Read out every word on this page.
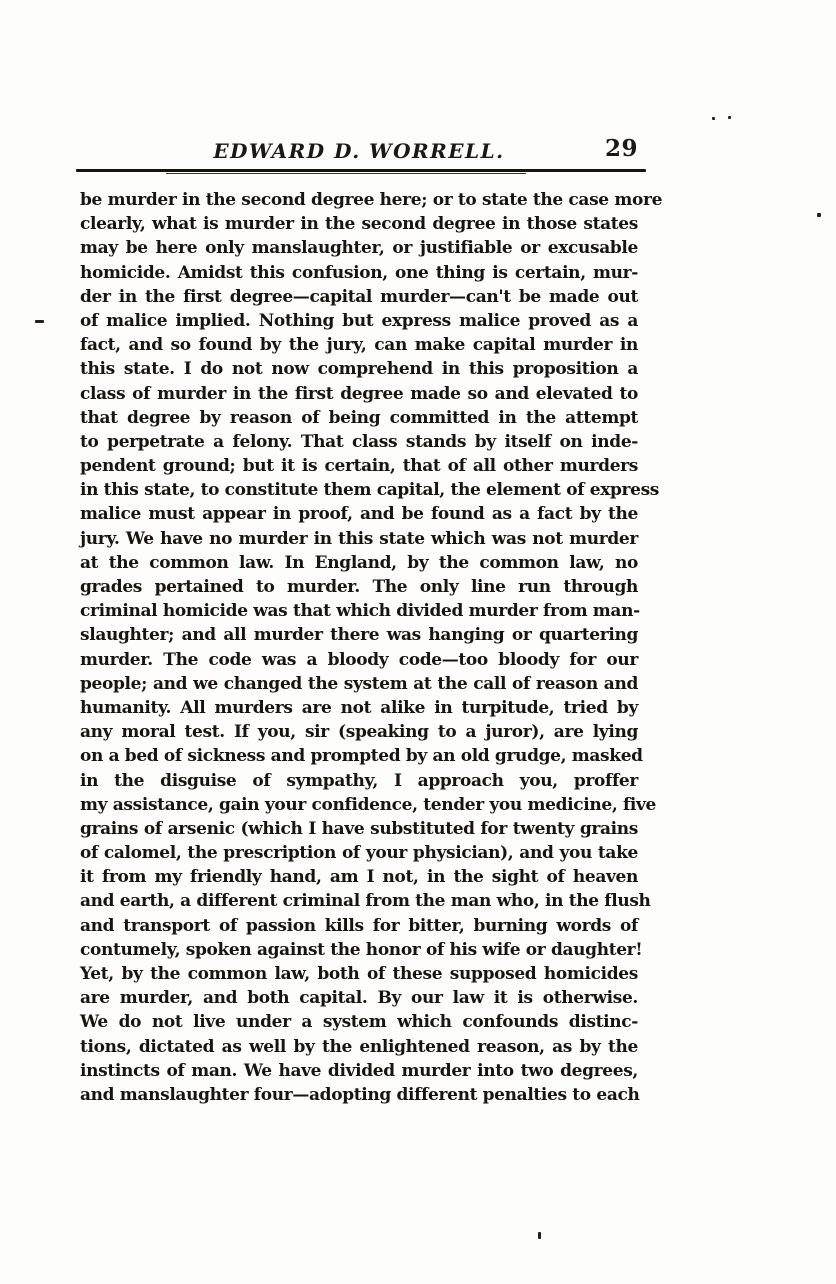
EDWARD D. WORRELL.	29
be murder in the second degree here; or to state the case more
clearly, what is murder in the second degree in those states
may be here only manslaughter, or justifiable or excusable
homicide. Amidst this confusion, one thing is certain, mur-
der in the first degree—capital murder—can't be made out
of malice implied. Nothing but express malice proved as a
fact, and so found by the jury, can make capital murder in
this state. I do not now comprehend in this proposition a
class of murder in the first degree made so and elevated to
that degree by reason of being committed in the attempt
to perpetrate a felony. That class stands by itself on inde-
pendent ground; but it is certain, that of all other murders
in this state, to constitute them capital, the element of express
malice must appear in proof, and be found as a fact by the
jury. We have no murder in this state which was not murder
at the common law. In England, by the common law, no
grades pertained to murder. The only line run through
criminal homicide was that which divided murder from man-
slaughter; and all murder there was hanging or quartering
murder. The code was a bloody code—too bloody for our
people; and we changed the system at the call of reason and
humanity. All murders are not alike in turpitude, tried by
any moral test. If you, sir (speaking to a juror), are lying
on a bed of sickness and prompted by an old grudge, masked
in the disguise of sympathy, I approach you, proffer
my assistance, gain your confidence, tender you medicine, five
grains of arsenic (which I have substituted for twenty grains
of calomel, the prescription of your physician), and you take
it from my friendly hand, am I not, in the sight of heaven
and earth, a different criminal from the man who, in the flush
and transport of passion kills for bitter, burning words of
contumely, spoken against the honor of his wife or daughter!
Yet, by the common law, both of these supposed homicides
are murder, and both capital. By our law it is otherwise.
We do not live under a system which confounds distinc-
tions, dictated as well by the enlightened reason, as by the
instincts of man. We have divided murder into two degrees,
and manslaughter four—adopting different penalties to each
